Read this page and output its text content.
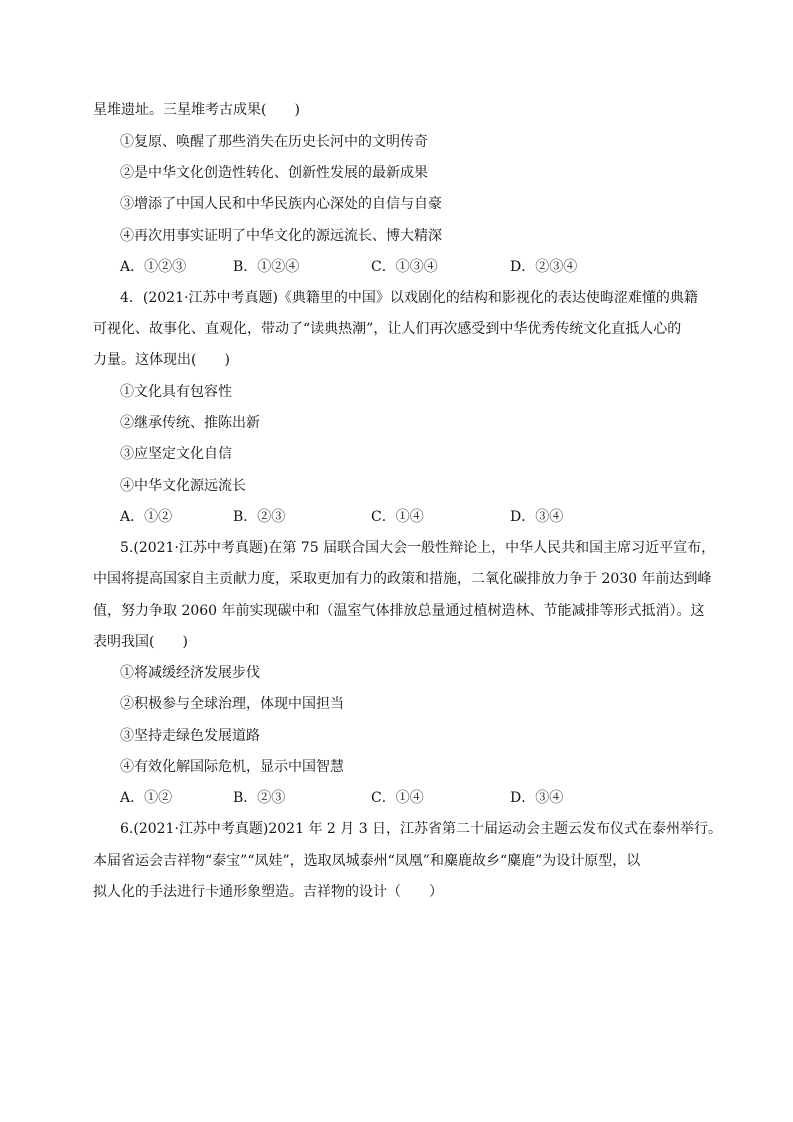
星堆遗址。三星堆考古成果(　　)
①复原、唤醒了那些消失在历史长河中的文明传奇
②是中华文化创造性转化、创新性发展的最新成果
③增添了中国人民和中华民族内心深处的自信与自豪
④再次用事实证明了中华文化的源远流长、博大精深
A．①②③	B．①②④	C．①③④	D．②③④
4．(2021·江苏中考真题)《典籍里的中国》以戏剧化的结构和影视化的表达使晦涩难懂的典籍
可视化、故事化、直观化，带动了“读典热潮”，让人们再次感受到中华优秀传统文化直抵人心的
力量。这体现出(　　)
①文化具有包容性
②继承传统、推陈出新
③应坚定文化自信
④中华文化源远流长
A．①②	B．②③	C．①④	D．③④
5.(2021·江苏中考真题)在第 75 届联合国大会一般性辩论上，中华人民共和国主席习近平宣布，
中国将提高国家自主贡献力度，采取更加有力的政策和措施，二氧化碳排放力争于 2030 年前达到峰
值，努力争取 2060 年前实现碳中和（温室气体排放总量通过植树造林、节能减排等形式抵消）。这
表明我国(　　)
①将减缓经济发展步伐
②积极参与全球治理，体现中国担当
③坚持走绿色发展道路
④有效化解国际危机，显示中国智慧
A．①②	B．②③	C．①④	D．③④
6.(2021·江苏中考真题)2021 年 2 月 3 日，江苏省第二十届运动会主题云发布仪式在泰州举行。
本届省运会吉祥物“泰宝”“凤娃”，选取凤城泰州“凤凰”和麋鹿故乡“麋鹿”为设计原型，以
拟人化的手法进行卡通形象塑造。吉祥物的设计（　　）
